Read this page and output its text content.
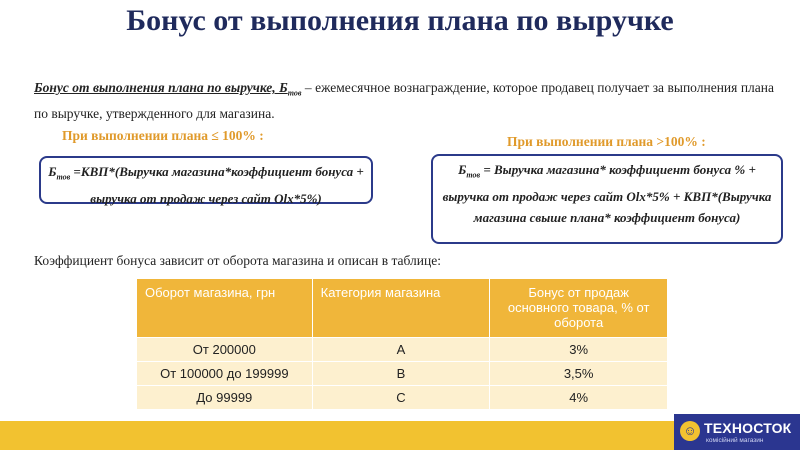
Бонус от выполнения плана по выручке
Бонус от выполнения плана по выручке, $Б_{тов}$ – ежемесячное вознаграждение, которое продавец получает за выполнения плана по выручке, утвержденного для магазина.
При выполнении плана ≤ 100% :
$Б_{тов}$ =КВП*(Выручка магазина*коэффициент бонуса + выручка от продаж через сайт Olx*5%)
При выполнении плана >100% :
$Б_{тов}$ = Выручка магазина* коэффициент бонуса % + выручка от продаж через сайт Olx*5% + КВП*(Выручка магазина свыше плана* коэффициент бонуса)
Коэффициент бонуса зависит от оборота магазина и описан в таблице:
Оборот магазина, грн	Категория магазина	Бонус от продаж основного товара, % от оборота
От 200000	A	3%
От 100000 до 199999	B	3,5%
До 99999	C	4%
☺ ТЕХНОСТОК
комісійний магазин
